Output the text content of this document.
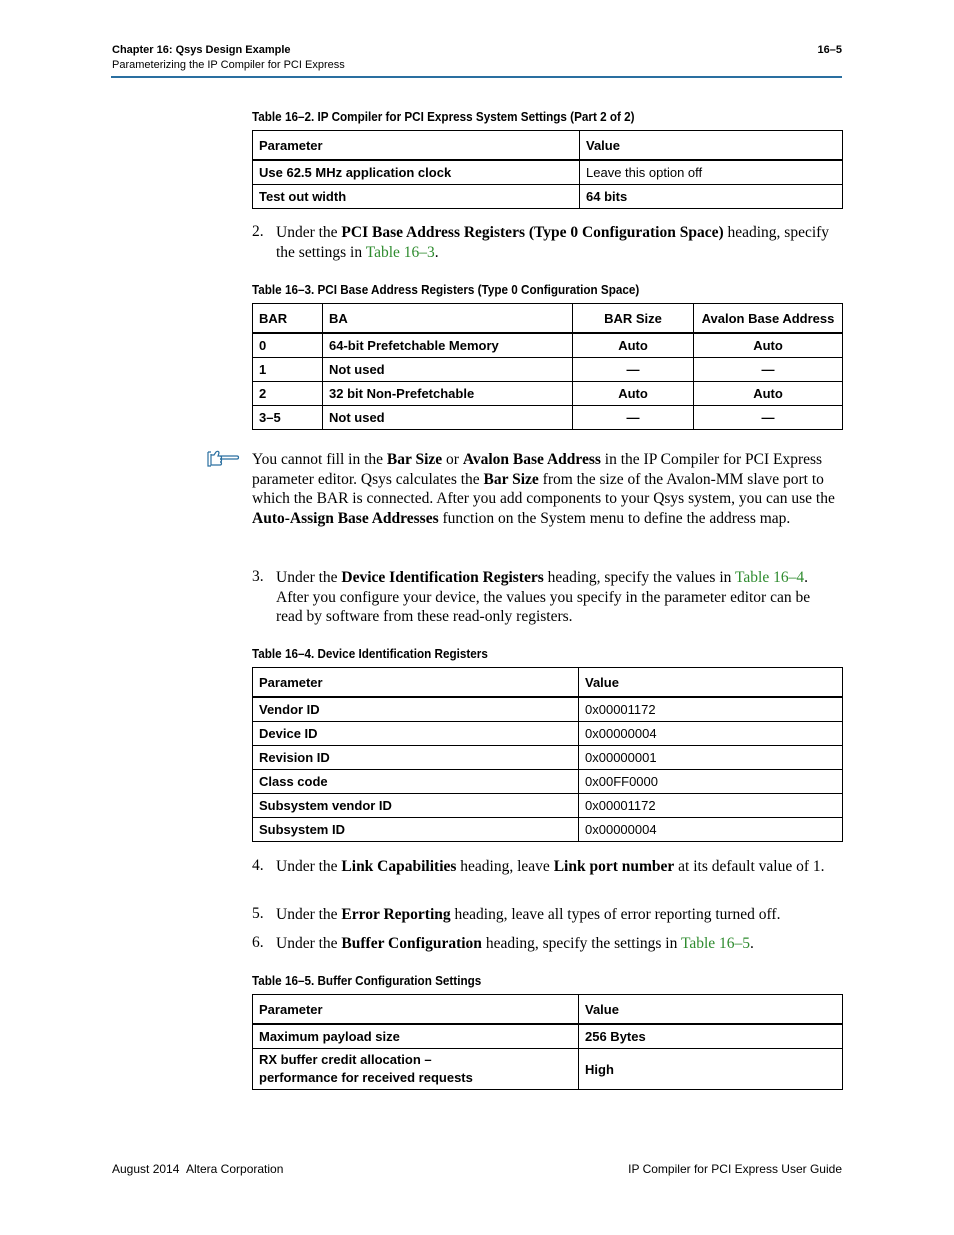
Chapter 16: Qsys Design Example
Parameterizing the IP Compiler for PCI Express
16–5
Table 16–2. IP Compiler for PCI Express System Settings (Part 2 of 2)
Parameter	Value
Use 62.5 MHz application clock	Leave this option off
Test out width	64 bits
2. Under the PCI Base Address Registers (Type 0 Configuration Space) heading, specify the settings in Table 16–3.
Table 16–3. PCI Base Address Registers (Type 0 Configuration Space)
BAR	BA	BAR Size	Avalon Base Address
0	64-bit Prefetchable Memory	Auto	Auto
1	Not used	—	—
2	32 bit Non-Prefetchable	Auto	Auto
3–5	Not used	—	—
You cannot fill in the Bar Size or Avalon Base Address in the IP Compiler for PCI Express parameter editor. Qsys calculates the Bar Size from the size of the Avalon-MM slave port to which the BAR is connected. After you add components to your Qsys system, you can use the Auto-Assign Base Addresses function on the System menu to define the address map.
3. Under the Device Identification Registers heading, specify the values in Table 16–4. After you configure your device, the values you specify in the parameter editor can be read by software from these read-only registers.
Table 16–4. Device Identification Registers
Parameter	Value
Vendor ID	0x00001172
Device ID	0x00000004
Revision ID	0x00000001
Class code	0x00FF0000
Subsystem vendor ID	0x00001172
Subsystem ID	0x00000004
4. Under the Link Capabilities heading, leave Link port number at its default value of 1.
5. Under the Error Reporting heading, leave all types of error reporting turned off.
6. Under the Buffer Configuration heading, specify the settings in Table 16–5.
Table 16–5. Buffer Configuration Settings
Parameter	Value
Maximum payload size	256 Bytes

RX buffer credit allocation –
performance for received requests	High
August 2014 Altera Corporation	IP Compiler for PCI Express User Guide
